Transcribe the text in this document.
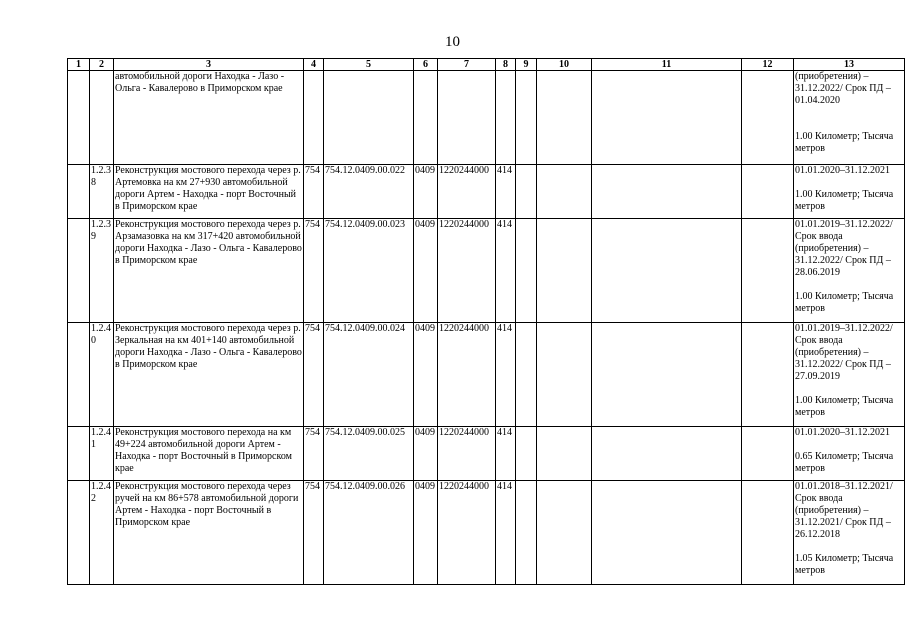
10
1	2	3	4	5	6	7	8	9	10	11	12	13
		автомобильной дороги Находка - Лазо - Ольга - Кавалерово в Приморском крае										(приобретения) – 31.12.2022/ Срок ПД – 01.04.2020
1.00 Километр; Тысяча метров
	1.2.38	Реконструкция мостового перехода через р. Артемовка на км 27+930 автомобильной дороги Артем - Находка - порт Восточный в Приморском крае	754	754.12.0409.00.022	0409	1220244000	414					01.01.2020–31.12.2021
1.00 Километр; Тысяча метров
	1.2.39	Реконструкция мостового перехода через р. Арзамазовка на км 317+420 автомобильной дороги Находка - Лазо - Ольга - Кавалерово в Приморском крае	754	754.12.0409.00.023	0409	1220244000	414					01.01.2019–31.12.2022/ Срок ввода (приобретения) – 31.12.2022/ Срок ПД – 28.06.2019
1.00 Километр; Тысяча метров
	1.2.40	Реконструкция мостового перехода через р. Зеркальная на км 401+140 автомобильной дороги Находка - Лазо - Ольга - Кавалерово в Приморском крае	754	754.12.0409.00.024	0409	1220244000	414					01.01.2019–31.12.2022/ Срок ввода (приобретения) – 31.12.2022/ Срок ПД – 27.09.2019
1.00 Километр; Тысяча метров
	1.2.41	Реконструкция мостового перехода на км 49+224 автомобильной дороги Артем - Находка - порт Восточный в Приморском крае	754	754.12.0409.00.025	0409	1220244000	414					01.01.2020–31.12.2021
0.65 Километр; Тысяча метров
	1.2.42	Реконструкция мостового перехода через ручей на км 86+578 автомобильной дороги Артем - Находка - порт Восточный в Приморском крае	754	754.12.0409.00.026	0409	1220244000	414					01.01.2018–31.12.2021/ Срок ввода (приобретения) – 31.12.2021/ Срок ПД – 26.12.2018
1.05 Километр; Тысяча метров
